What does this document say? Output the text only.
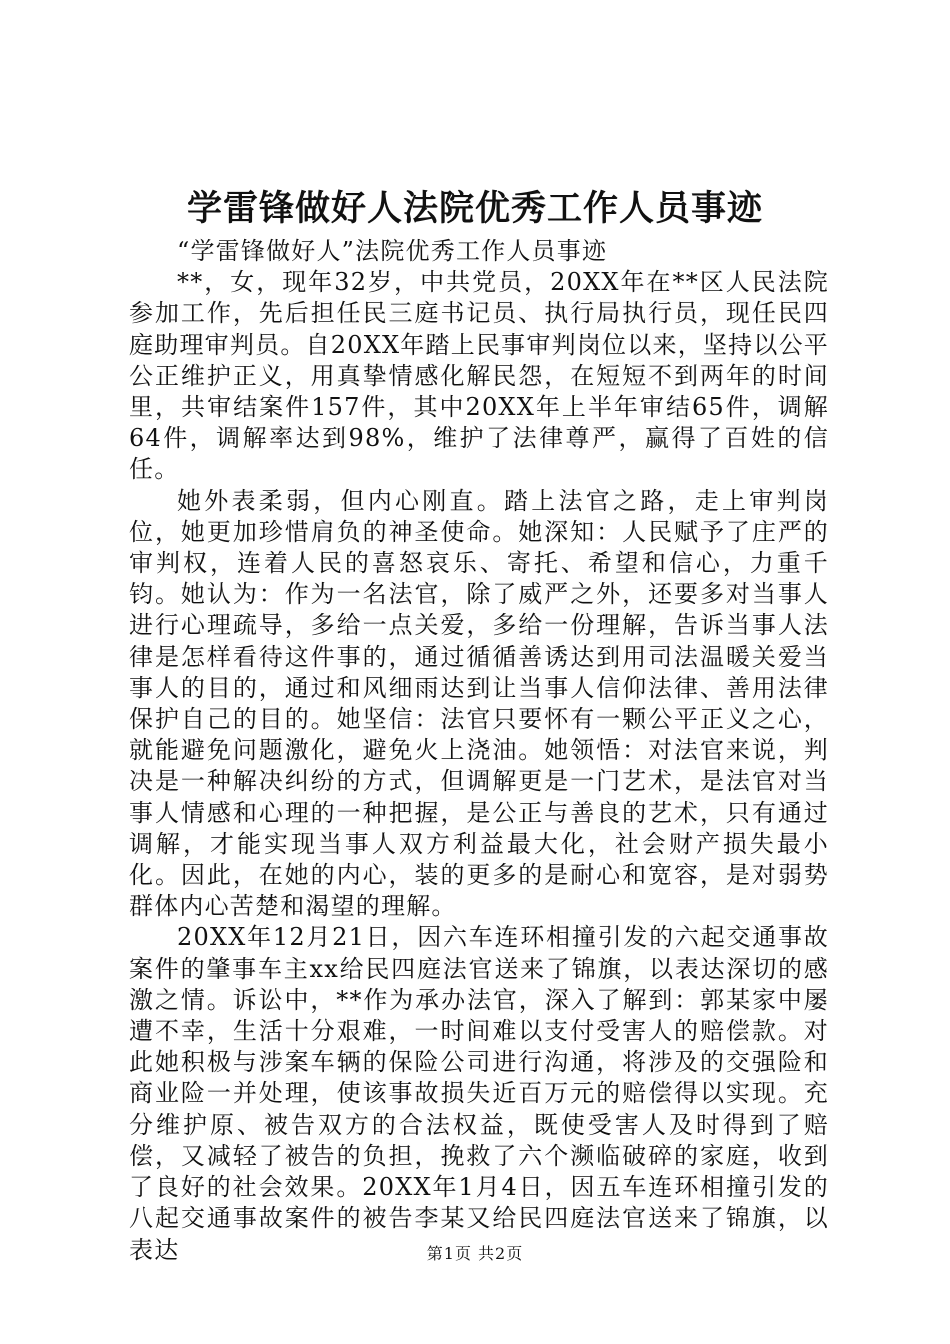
学雷锋做好人法院优秀工作人员事迹

“学雷锋做好人”法院优秀工作人员事迹

**，女，现年32岁，中共党员，20XX年在**区人民法院参加工作，先后担任民三庭书记员、执行局执行员，现任民四庭助理审判员。自20XX年踏上民事审判岗位以来，坚持以公平公正维护正义，用真挚情感化解民怨，在短短不到两年的时间里，共审结案件157件，其中20XX年上半年审结65件，调解64件，调解率达到98%，维护了法律尊严，赢得了百姓的信任。

她外表柔弱，但内心刚直。踏上法官之路，走上审判岗位，她更加珍惜肩负的神圣使命。她深知：人民赋予了庄严的审判权，连着人民的喜怒哀乐、寄托、希望和信心，力重千钧。她认为：作为一名法官，除了威严之外，还要多对当事人进行心理疏导，多给一点关爱，多给一份理解，告诉当事人法律是怎样看待这件事的，通过循循善诱达到用司法温暖关爱当事人的目的，通过和风细雨达到让当事人信仰法律、善用法律保护自己的目的。她坚信：法官只要怀有一颗公平正义之心，就能避免问题激化，避免火上浇油。她领悟：对法官来说，判决是一种解决纠纷的方式，但调解更是一门艺术，是法官对当事人情感和心理的一种把握，是公正与善良的艺术，只有通过调解，才能实现当事人双方利益最大化，社会财产损失最小化。因此，在她的内心，装的更多的是耐心和宽容，是对弱势群体内心苦楚和渴望的理解。

20XX年12月21日，因六车连环相撞引发的六起交通事故案件的肇事车主xx给民四庭法官送来了锦旗，以表达深切的感激之情。诉讼中，**作为承办法官，深入了解到：郭某家中屡遭不幸，生活十分艰难，一时间难以支付受害人的赔偿款。对此她积极与涉案车辆的保险公司进行沟通，将涉及的交强险和商业险一并处理，使该事故损失近百万元的赔偿得以实现。充分维护原、被告双方的合法权益，既使受害人及时得到了赔偿，又减轻了被告的负担，挽救了六个濒临破碎的家庭，收到了良好的社会效果。20XX年1月4日，因五车连环相撞引发的八起交通事故案件的被告李某又给民四庭法官送来了锦旗，以表达	第1页 共2页
